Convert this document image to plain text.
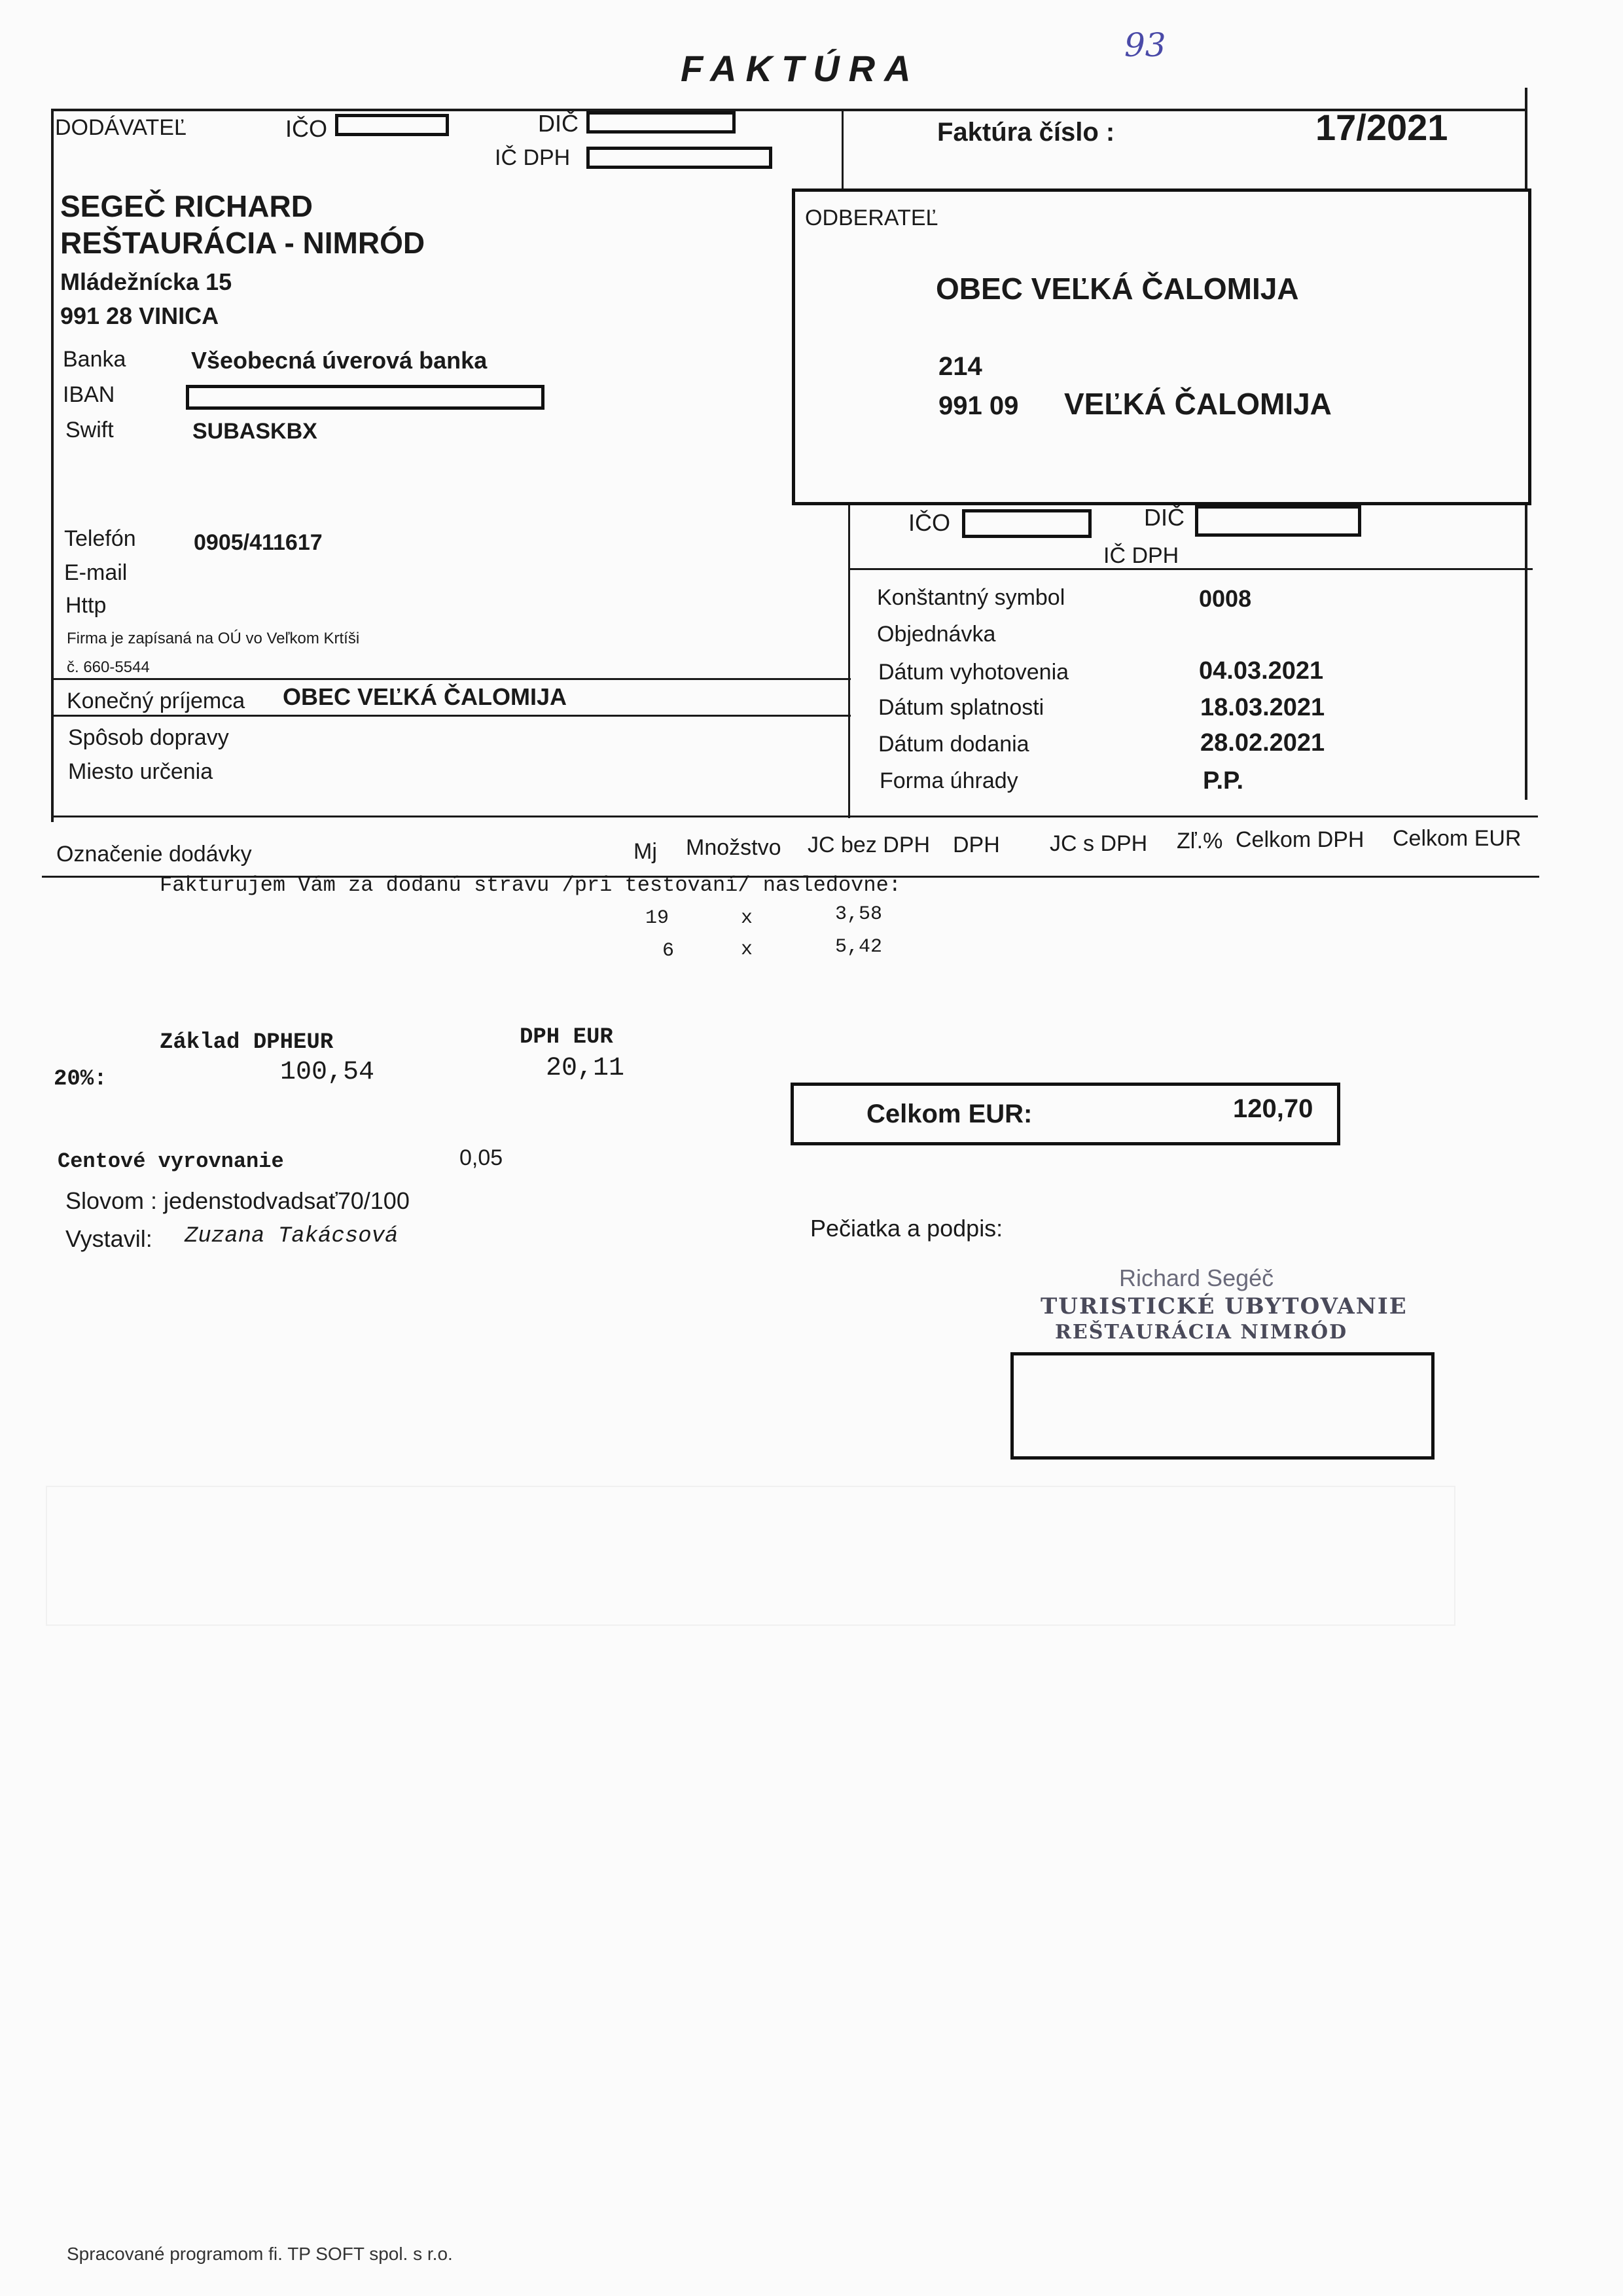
93
FAKTÚRA
DODÁVATEĽ	IČO	DIČ
IČ DPH
SEGEČ RICHARD
REŠTAURÁCIA - NIMRÓD
Mládežnícka 15
991 28 VINICA
Banka	Všeobecná úverová banka
IBAN
Swift	SUBASKBX
Telefón	0905/411617
E-mail
Http
Firma je zapísaná na OÚ vo Veľkom Krtíši
č. 660-5544
Faktúra číslo :	17/2021
ODBERATEĽ
OBEC VEĽKÁ ČALOMIJA
214
991 09 VEĽKÁ ČALOMIJA
IČO	DIČ
IČ DPH
Konštantný symbol	0008
Objednávka
Dátum vyhotovenia	04.03.2021
Dátum splatnosti	18.03.2021
Dátum dodania	28.02.2021
Forma úhrady	P.P.
Konečný príjemca OBEC VEĽKÁ ČALOMIJA
Spôsob dopravy
Miesto určenia
Označenie dodávky	Mj Množstvo JC bez DPH DPH JC s DPH Zľ.% Celkom DPH Celkom EUR
Fakturujem Vám za dodanú stravu /pri testovaní/ nasledovne:
19	x	3,58
6	x	5,42
Základ DPHEUR	DPH EUR
20%:	100,54	20,11
Celkom EUR:	120,70
Centové vyrovnanie	0,05
Slovom : jedenstodvadsať70/100
Vystavil: Zuzana Takácsová	Pečiatka a podpis:
Richard Segéč
TURISTICKÉ UBYTOVANIE
REŠTAURÁCIA NIMRÓD
Spracované programom fi. TP SOFT spol. s r.o.
